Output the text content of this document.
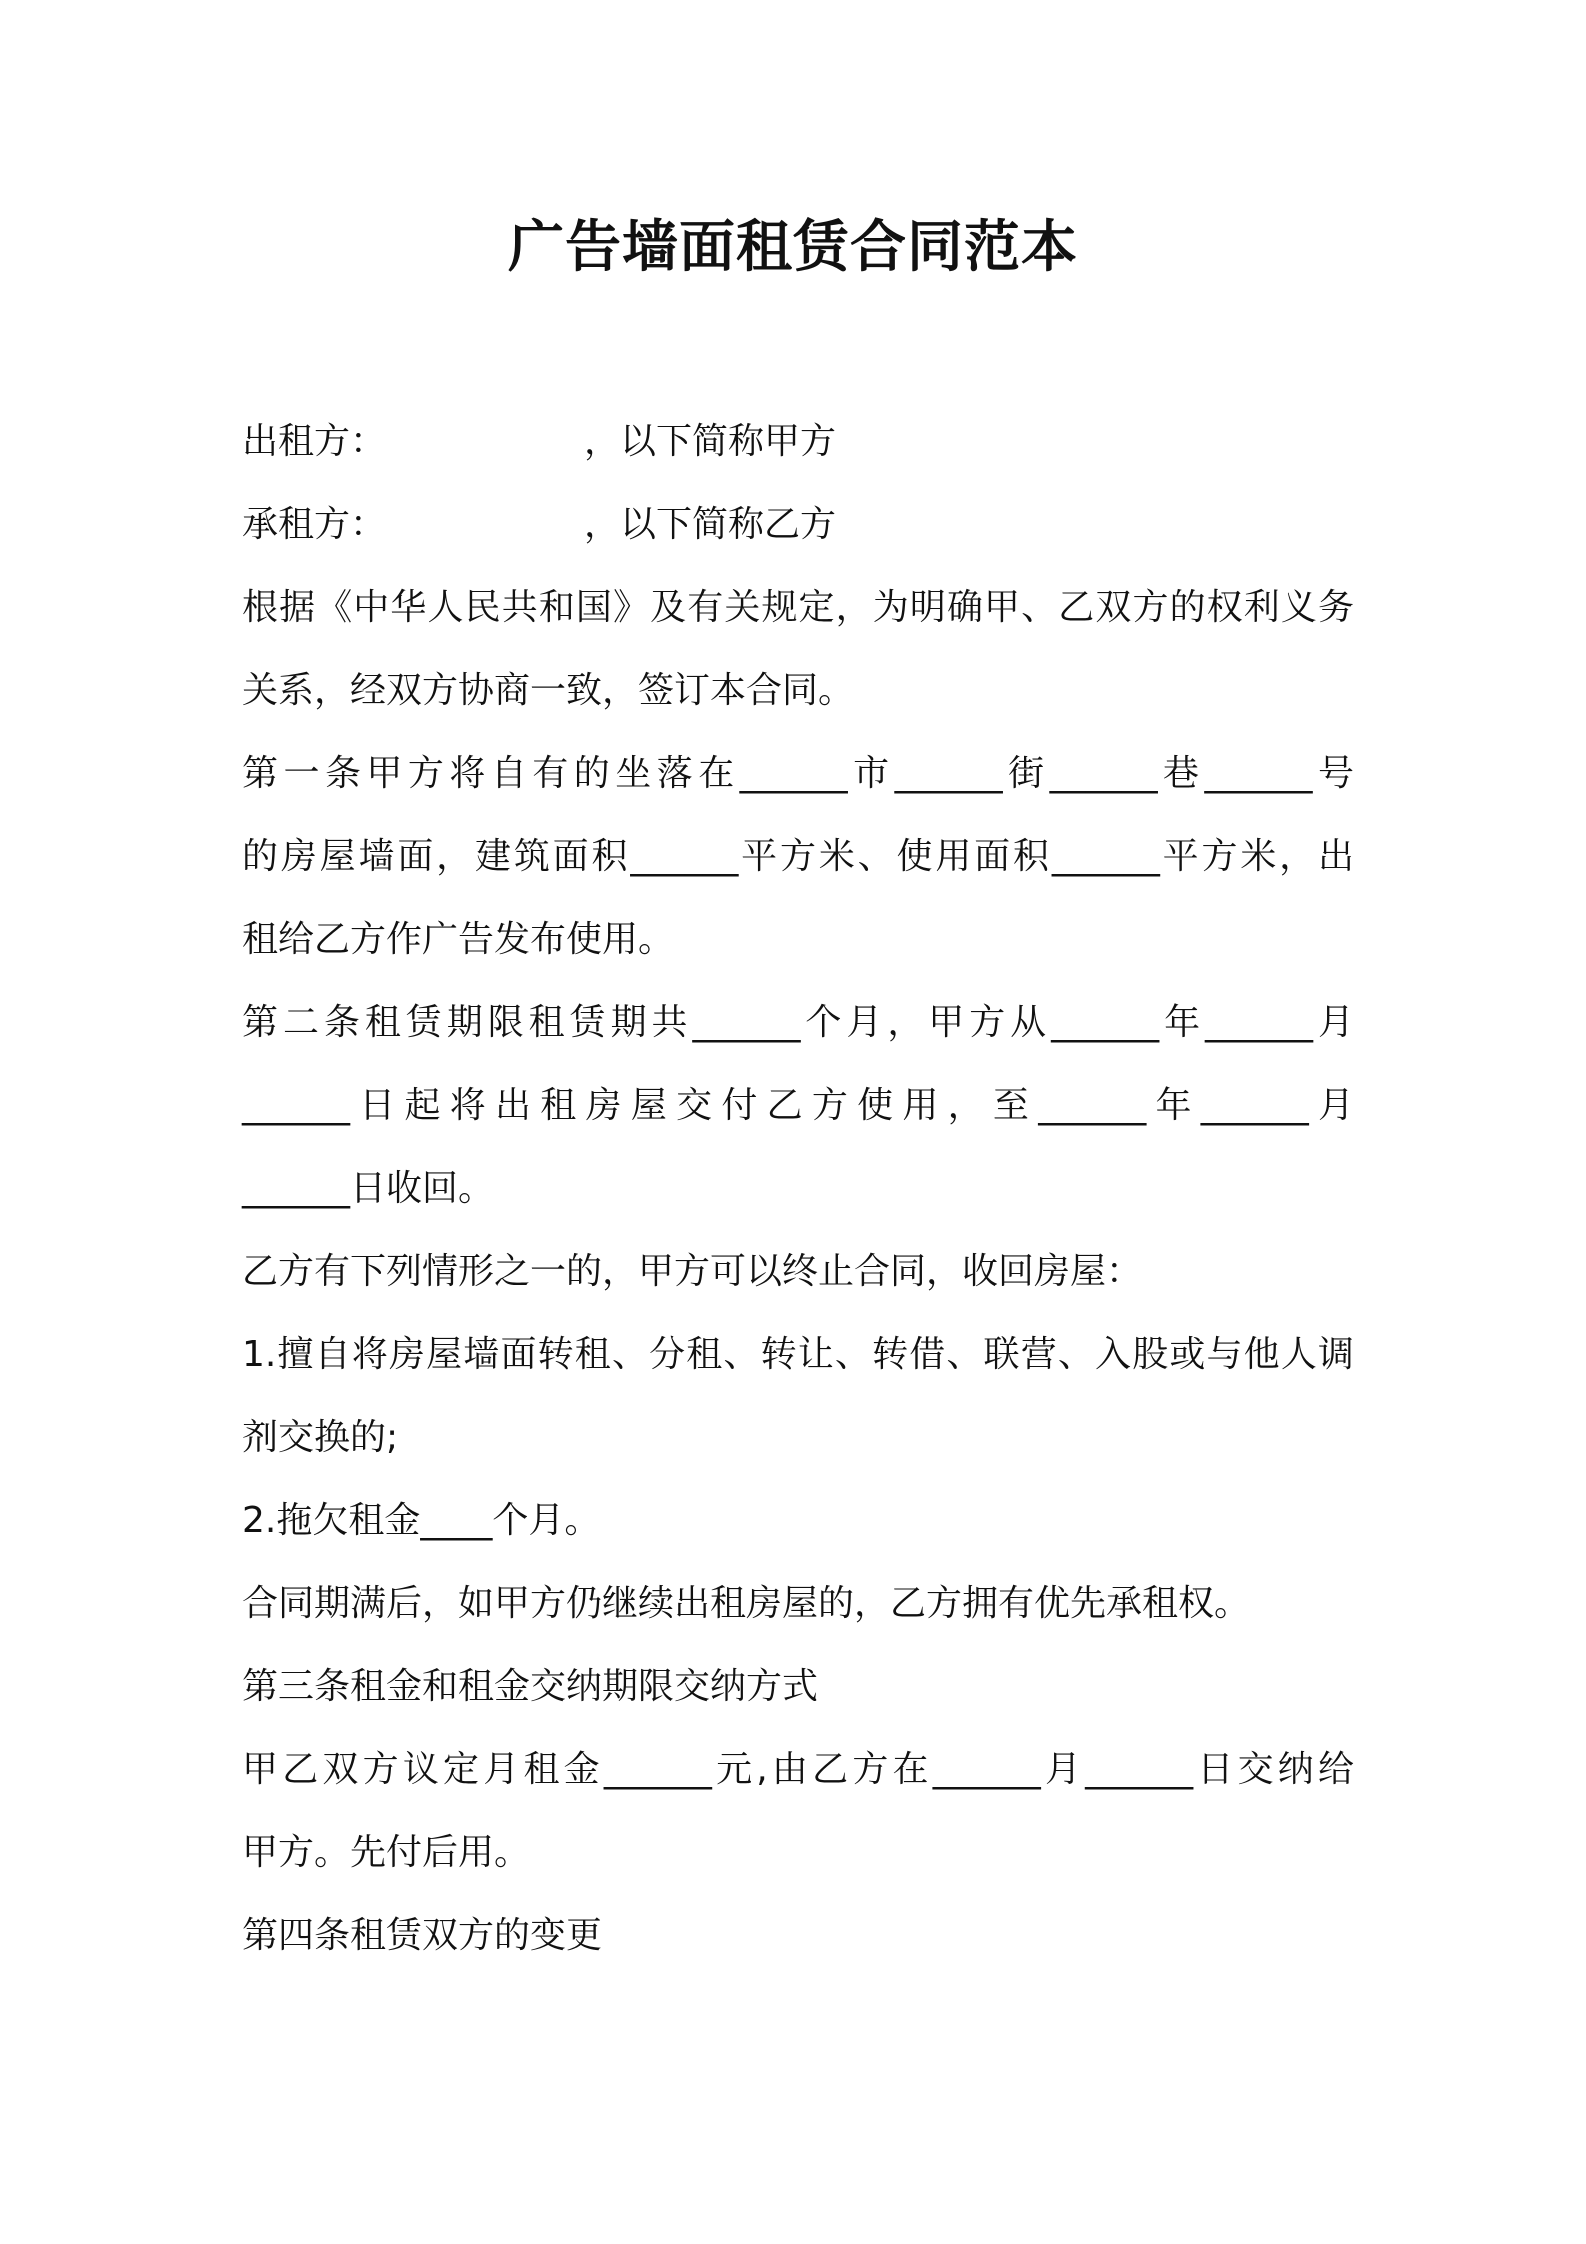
广告墙面租赁合同范本

出租方：　　　　　　，以下简称甲方

承租方：　　　　　　，以下简称乙方

根据《中华人民共和国》及有关规定，为明确甲、乙双方的权利义务

关系，经双方协商一致，签订本合同。

第一条甲方将自有的坐落在______市______街______巷______号

的房屋墙面，建筑面积______平方米、使用面积______平方米，出

租给乙方作广告发布使用。

第二条租赁期限租赁期共______个月，甲方从______年______月

______日起将出租房屋交付乙方使用，至______年______月

______日收回。

乙方有下列情形之一的，甲方可以终止合同，收回房屋：

1.擅自将房屋墙面转租、分租、转让、转借、联营、入股或与他人调

剂交换的;

2.拖欠租金____个月。

合同期满后，如甲方仍继续出租房屋的，乙方拥有优先承租权。

第三条租金和租金交纳期限交纳方式

甲乙双方议定月租金______元,由乙方在______月______日交纳给

甲方。先付后用。

第四条租赁双方的变更
